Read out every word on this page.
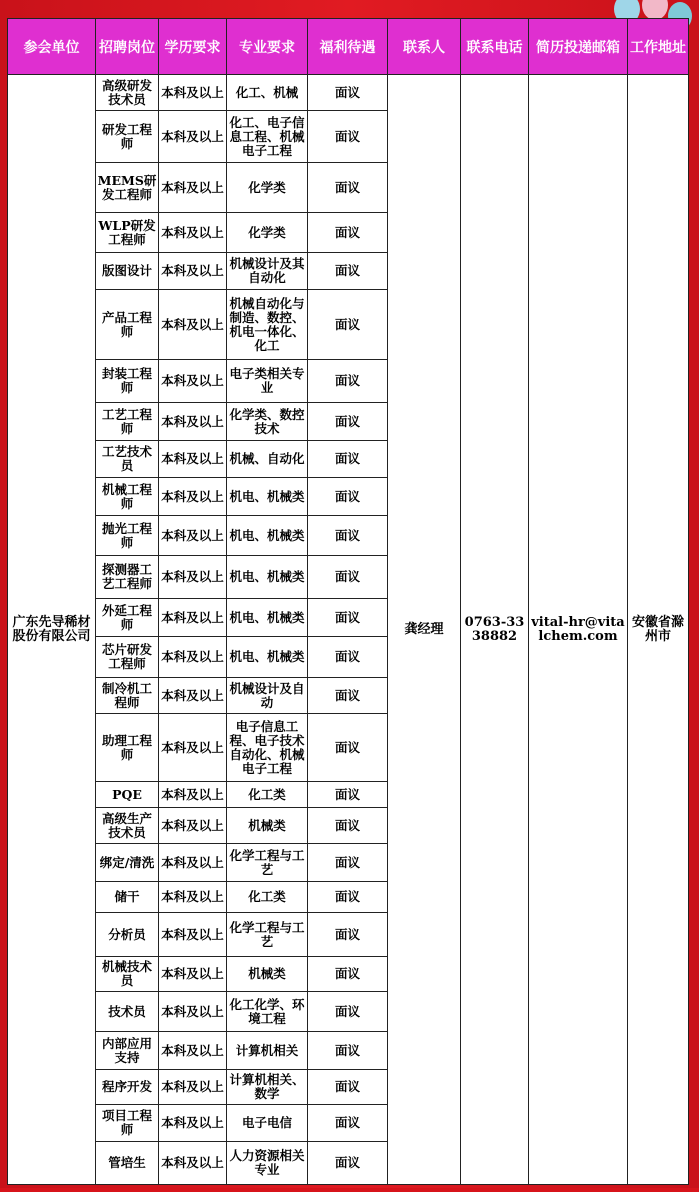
参会单位	招聘岗位	学历要求	专业要求	福利待遇	联系人	联系电话	简历投递邮箱	工作地址
广东先导稀材股份有限公司	高级研发技术员	本科及以上	化工、机械	面议	龚经理	0763-3338882	vital-hr@vitalchem.com	安徽省滁州市
	研发工程师	本科及以上	化工、电子信息工程、机械电子工程	面议				
	MEMS研发工程师	本科及以上	化学类	面议				
	WLP研发工程师	本科及以上	化学类	面议				
	版图设计	本科及以上	机械设计及其自动化	面议				
	产品工程师	本科及以上	机械自动化与制造、数控、机电一体化、化工	面议				
	封装工程师	本科及以上	电子类相关专业	面议				
	工艺工程师	本科及以上	化学类、数控技术	面议				
	工艺技术员	本科及以上	机械、自动化	面议				
	机械工程师	本科及以上	机电、机械类	面议				
	抛光工程师	本科及以上	机电、机械类	面议				
	探测器工艺工程师	本科及以上	机电、机械类	面议				
	外延工程师	本科及以上	机电、机械类	面议				
	芯片研发工程师	本科及以上	机电、机械类	面议				
	制冷机工程师	本科及以上	机械设计及自动	面议				
	助理工程师	本科及以上	电子信息工程、电子技术自动化、机械电子工程	面议				
	PQE	本科及以上	化工类	面议				
	高级生产技术员	本科及以上	机械类	面议				
	绑定/清洗	本科及以上	化学工程与工艺	面议				
	储干	本科及以上	化工类	面议				
	分析员	本科及以上	化学工程与工艺	面议				
	机械技术员	本科及以上	机械类	面议				
	技术员	本科及以上	化工化学、环境工程	面议				
	内部应用支持	本科及以上	计算机相关	面议				
	程序开发	本科及以上	计算机相关、数学	面议				
	项目工程师	本科及以上	电子电信	面议				
	管培生	本科及以上	人力资源相关专业	面议				
